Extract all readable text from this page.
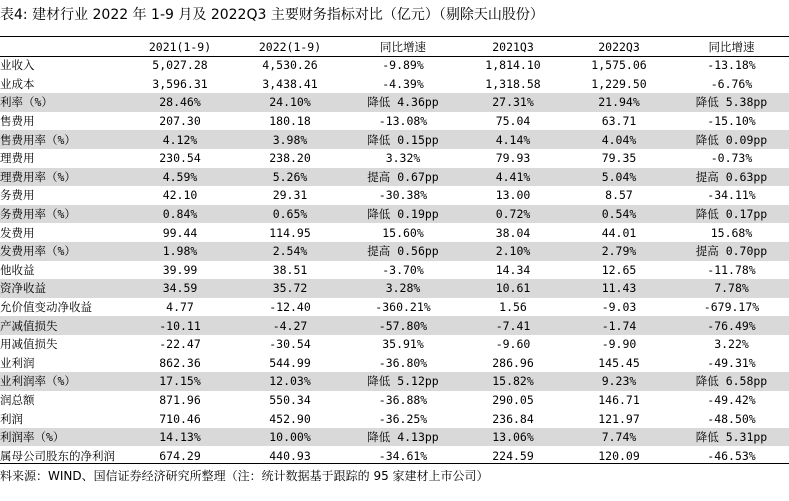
表4: 建材行业 2022 年 1-9 月及 2022Q3 主要财务指标对比（亿元）（剔除天山股份）
	2021(1-9)	2022(1-9)	同比增速	2021Q3	2022Q3	同比增速
业收入	5,027.28	4,530.26	-9.89%	1,814.10	1,575.06	-13.18%
业成本	3,596.31	3,438.41	-4.39%	1,318.58	1,229.50	-6.76%
利率（%）	28.46%	24.10%	降低 4.36pp	27.31%	21.94%	降低 5.38pp
售费用	207.30	180.18	-13.08%	75.04	63.71	-15.10%
售费用率（%）	4.12%	3.98%	降低 0.15pp	4.14%	4.04%	降低 0.09pp
理费用	230.54	238.20	3.32%	79.93	79.35	-0.73%
理费用率（%）	4.59%	5.26%	提高 0.67pp	4.41%	5.04%	提高 0.63pp
务费用	42.10	29.31	-30.38%	13.00	8.57	-34.11%
务费用率（%）	0.84%	0.65%	降低 0.19pp	0.72%	0.54%	降低 0.17pp
发费用	99.44	114.95	15.60%	38.04	44.01	15.68%
发费用率（%）	1.98%	2.54%	提高 0.56pp	2.10%	2.79%	提高 0.70pp
他收益	39.99	38.51	-3.70%	14.34	12.65	-11.78%
资净收益	34.59	35.72	3.28%	10.61	11.43	7.78%
允价值变动净收益	4.77	-12.40	-360.21%	1.56	-9.03	-679.17%
产减值损失	-10.11	-4.27	-57.80%	-7.41	-1.74	-76.49%
用减值损失	-22.47	-30.54	35.91%	-9.60	-9.90	3.22%
业利润	862.36	544.99	-36.80%	286.96	145.45	-49.31%
业利润率（%）	17.15%	12.03%	降低 5.12pp	15.82%	9.23%	降低 6.58pp
润总额	871.96	550.34	-36.88%	290.05	146.71	-49.42%
利润	710.46	452.90	-36.25%	236.84	121.97	-48.50%
利润率（%）	14.13%	10.00%	降低 4.13pp	13.06%	7.74%	降低 5.31pp
属母公司股东的净利润	674.29	440.93	-34.61%	224.59	120.09	-46.53%
料来源：WIND、国信证券经济研究所整理（注：统计数据基于跟踪的 95 家建材上市公司）
